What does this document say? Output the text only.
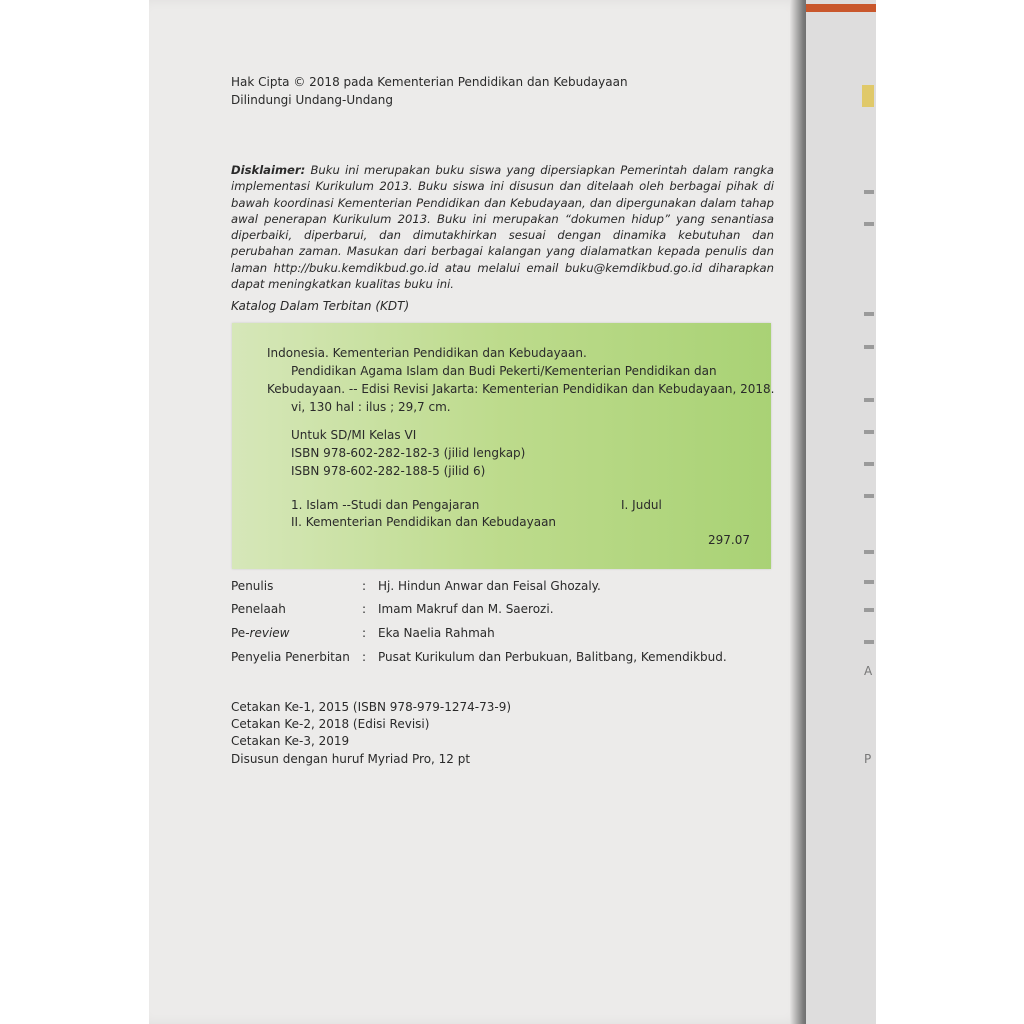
A
P
Hak Cipta © 2018 pada Kementerian Pendidikan dan Kebudayaan
Dilindungi Undang-Undang
Disklaimer: Buku ini merupakan buku siswa yang dipersiapkan Pemerintah dalam rangka implementasi Kurikulum 2013. Buku siswa ini disusun dan ditelaah oleh berbagai pihak di bawah koordinasi Kementerian Pendidikan dan Kebudayaan, dan dipergunakan dalam tahap awal penerapan Kurikulum 2013. Buku ini merupakan “dokumen hidup” yang senantiasa diperbaiki, diperbarui, dan dimutakhirkan sesuai dengan dinamika kebutuhan dan perubahan zaman. Masukan dari berbagai kalangan yang dialamatkan kepada penulis dan laman http://buku.kemdikbud.go.id atau melalui email buku@kemdikbud.go.id diharapkan dapat meningkatkan kualitas buku ini.
Katalog Dalam Terbitan (KDT)
Indonesia. Kementerian Pendidikan dan Kebudayaan.
Pendidikan Agama Islam dan Budi Pekerti/Kementerian Pendidikan dan
Kebudayaan. -- Edisi Revisi Jakarta: Kementerian Pendidikan dan Kebudayaan, 2018.
vi, 130 hal : ilus ; 29,7 cm.
Untuk SD/MI Kelas VI
ISBN 978-602-282-182-3 (jilid lengkap)
ISBN 978-602-282-188-5 (jilid 6)
1. Islam --Studi dan Pengajaran	I. Judul
II. Kementerian Pendidikan dan Kebudayaan
297.07
Penulis	: Hj. Hindun Anwar dan Feisal Ghozaly.
Penelaah	: Imam Makruf dan M. Saerozi.
Pe-review	: Eka Naelia Rahmah
Penyelia Penerbitan : Pusat Kurikulum dan Perbukuan, Balitbang, Kemendikbud.
Cetakan Ke-1, 2015 (ISBN 978-979-1274-73-9)
Cetakan Ke-2, 2018 (Edisi Revisi)
Cetakan Ke-3, 2019
Disusun dengan huruf Myriad Pro, 12 pt
